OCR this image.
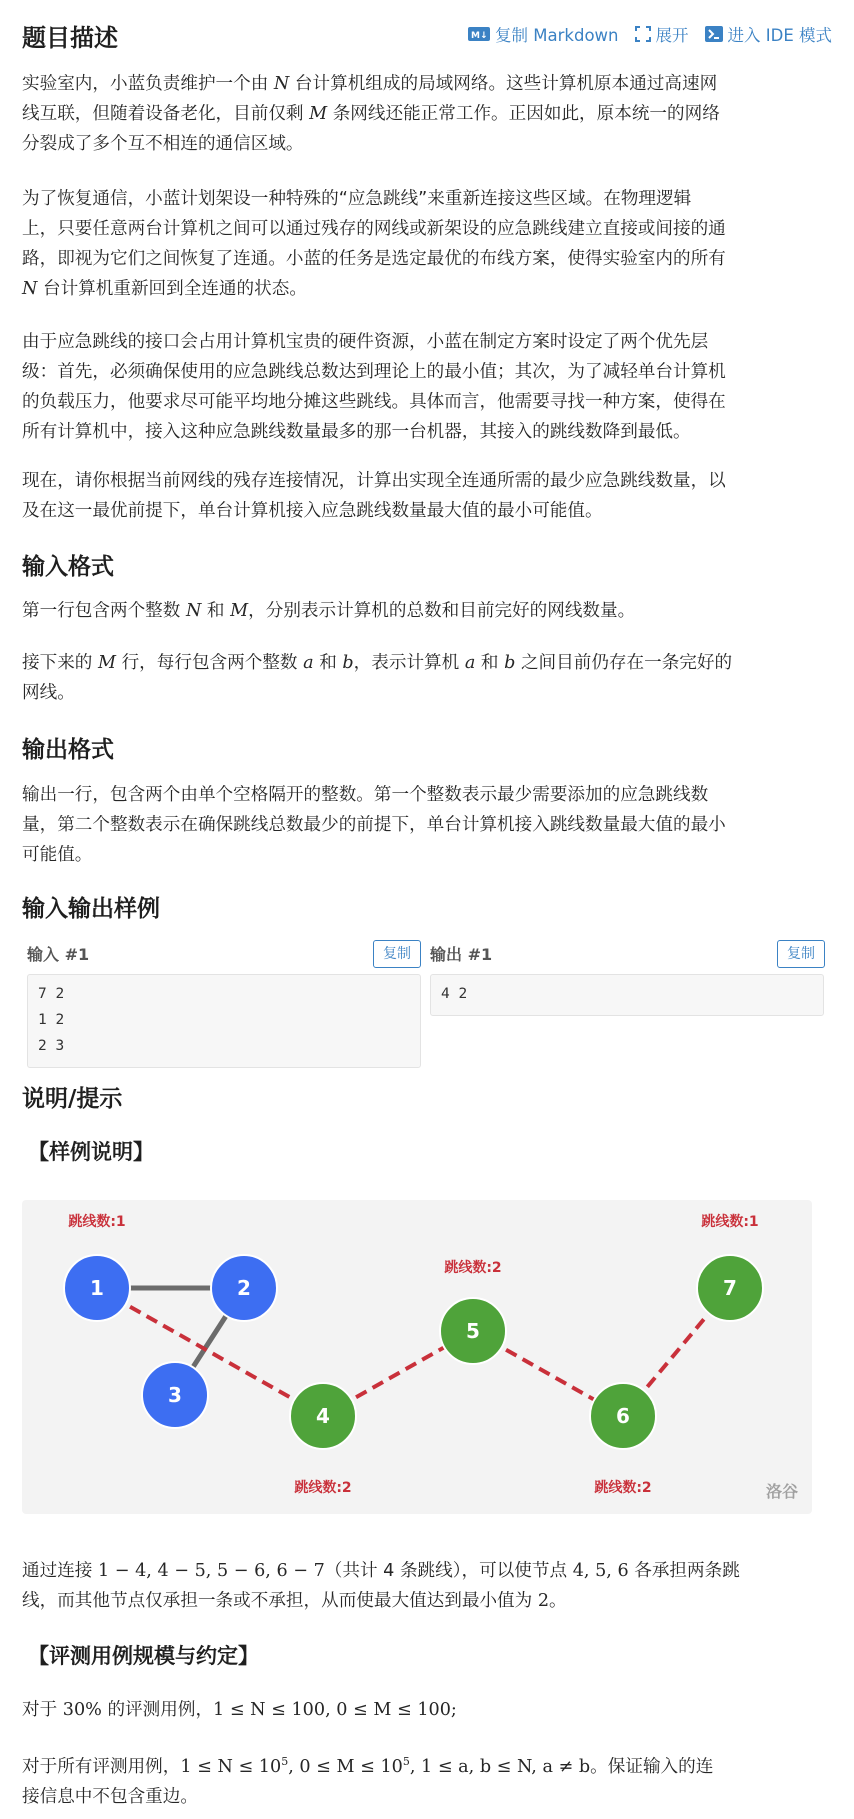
题目描述	M↓ 复制 Markdown 展开 进入 IDE 模式

实验室内，小蓝负责维护一个由 N 台计算机组成的局域网络。这些计算机原本通过高速网
线互联，但随着设备老化，目前仅剩 M 条网线还能正常工作。正因如此，原本统一的网络
分裂成了多个互不相连的通信区域。

为了恢复通信，小蓝计划架设一种特殊的“应急跳线”来重新连接这些区域。在物理逻辑
上，只要任意两台计算机之间可以通过残存的网线或新架设的应急跳线建立直接或间接的通
路，即视为它们之间恢复了连通。小蓝的任务是选定最优的布线方案，使得实验室内的所有
N 台计算机重新回到全连通的状态。

由于应急跳线的接口会占用计算机宝贵的硬件资源，小蓝在制定方案时设定了两个优先层
级：首先，必须确保使用的应急跳线总数达到理论上的最小值；其次，为了减轻单台计算机
的负载压力，他要求尽可能平均地分摊这些跳线。具体而言，他需要寻找一种方案，使得在
所有计算机中，接入这种应急跳线数量最多的那一台机器，其接入的跳线数降到最低。

现在，请你根据当前网线的残存连接情况，计算出实现全连通所需的最少应急跳线数量，以
及在这一最优前提下，单台计算机接入应急跳线数量最大值的最小可能值。

输入格式

第一行包含两个整数 N 和 M，分别表示计算机的总数和目前完好的网线数量。

接下来的 M 行，每行包含两个整数 a 和 b，表示计算机 a 和 b 之间目前仍存在一条完好的
网线。

输出格式

输出一行，包含两个由单个空格隔开的整数。第一个整数表示最少需要添加的应急跳线数
量，第二个整数表示在确保跳线总数最少的前提下，单台计算机接入跳线数量最大值的最小
可能值。

输入输出样例
输入 #1	复制
7 2
1 2
2 3
输出 #1	复制
4 2
说明/提示
【样例说明】
1
跳线数:1
2
3
4
跳线数:2
5
跳线数:2
6
跳线数:2
7
跳线数:1
洛谷

通过连接 1 − 4, 4 − 5, 5 − 6, 6 − 7（共计 4 条跳线），可以使节点 4, 5, 6 各承担两条跳
线，而其他节点仅承担一条或不承担，从而使最大值达到最小值为 2。

【评测用例规模与约定】

对于 30% 的评测用例，1 ≤ N ≤ 100, 0 ≤ M ≤ 100;

对于所有评测用例，$1 \le N \le 10^5$, $0 \le M \le 10^5$, 1 ≤ a, b ≤ N, a ≠ b。保证输入的连
接信息中不包含重边。
